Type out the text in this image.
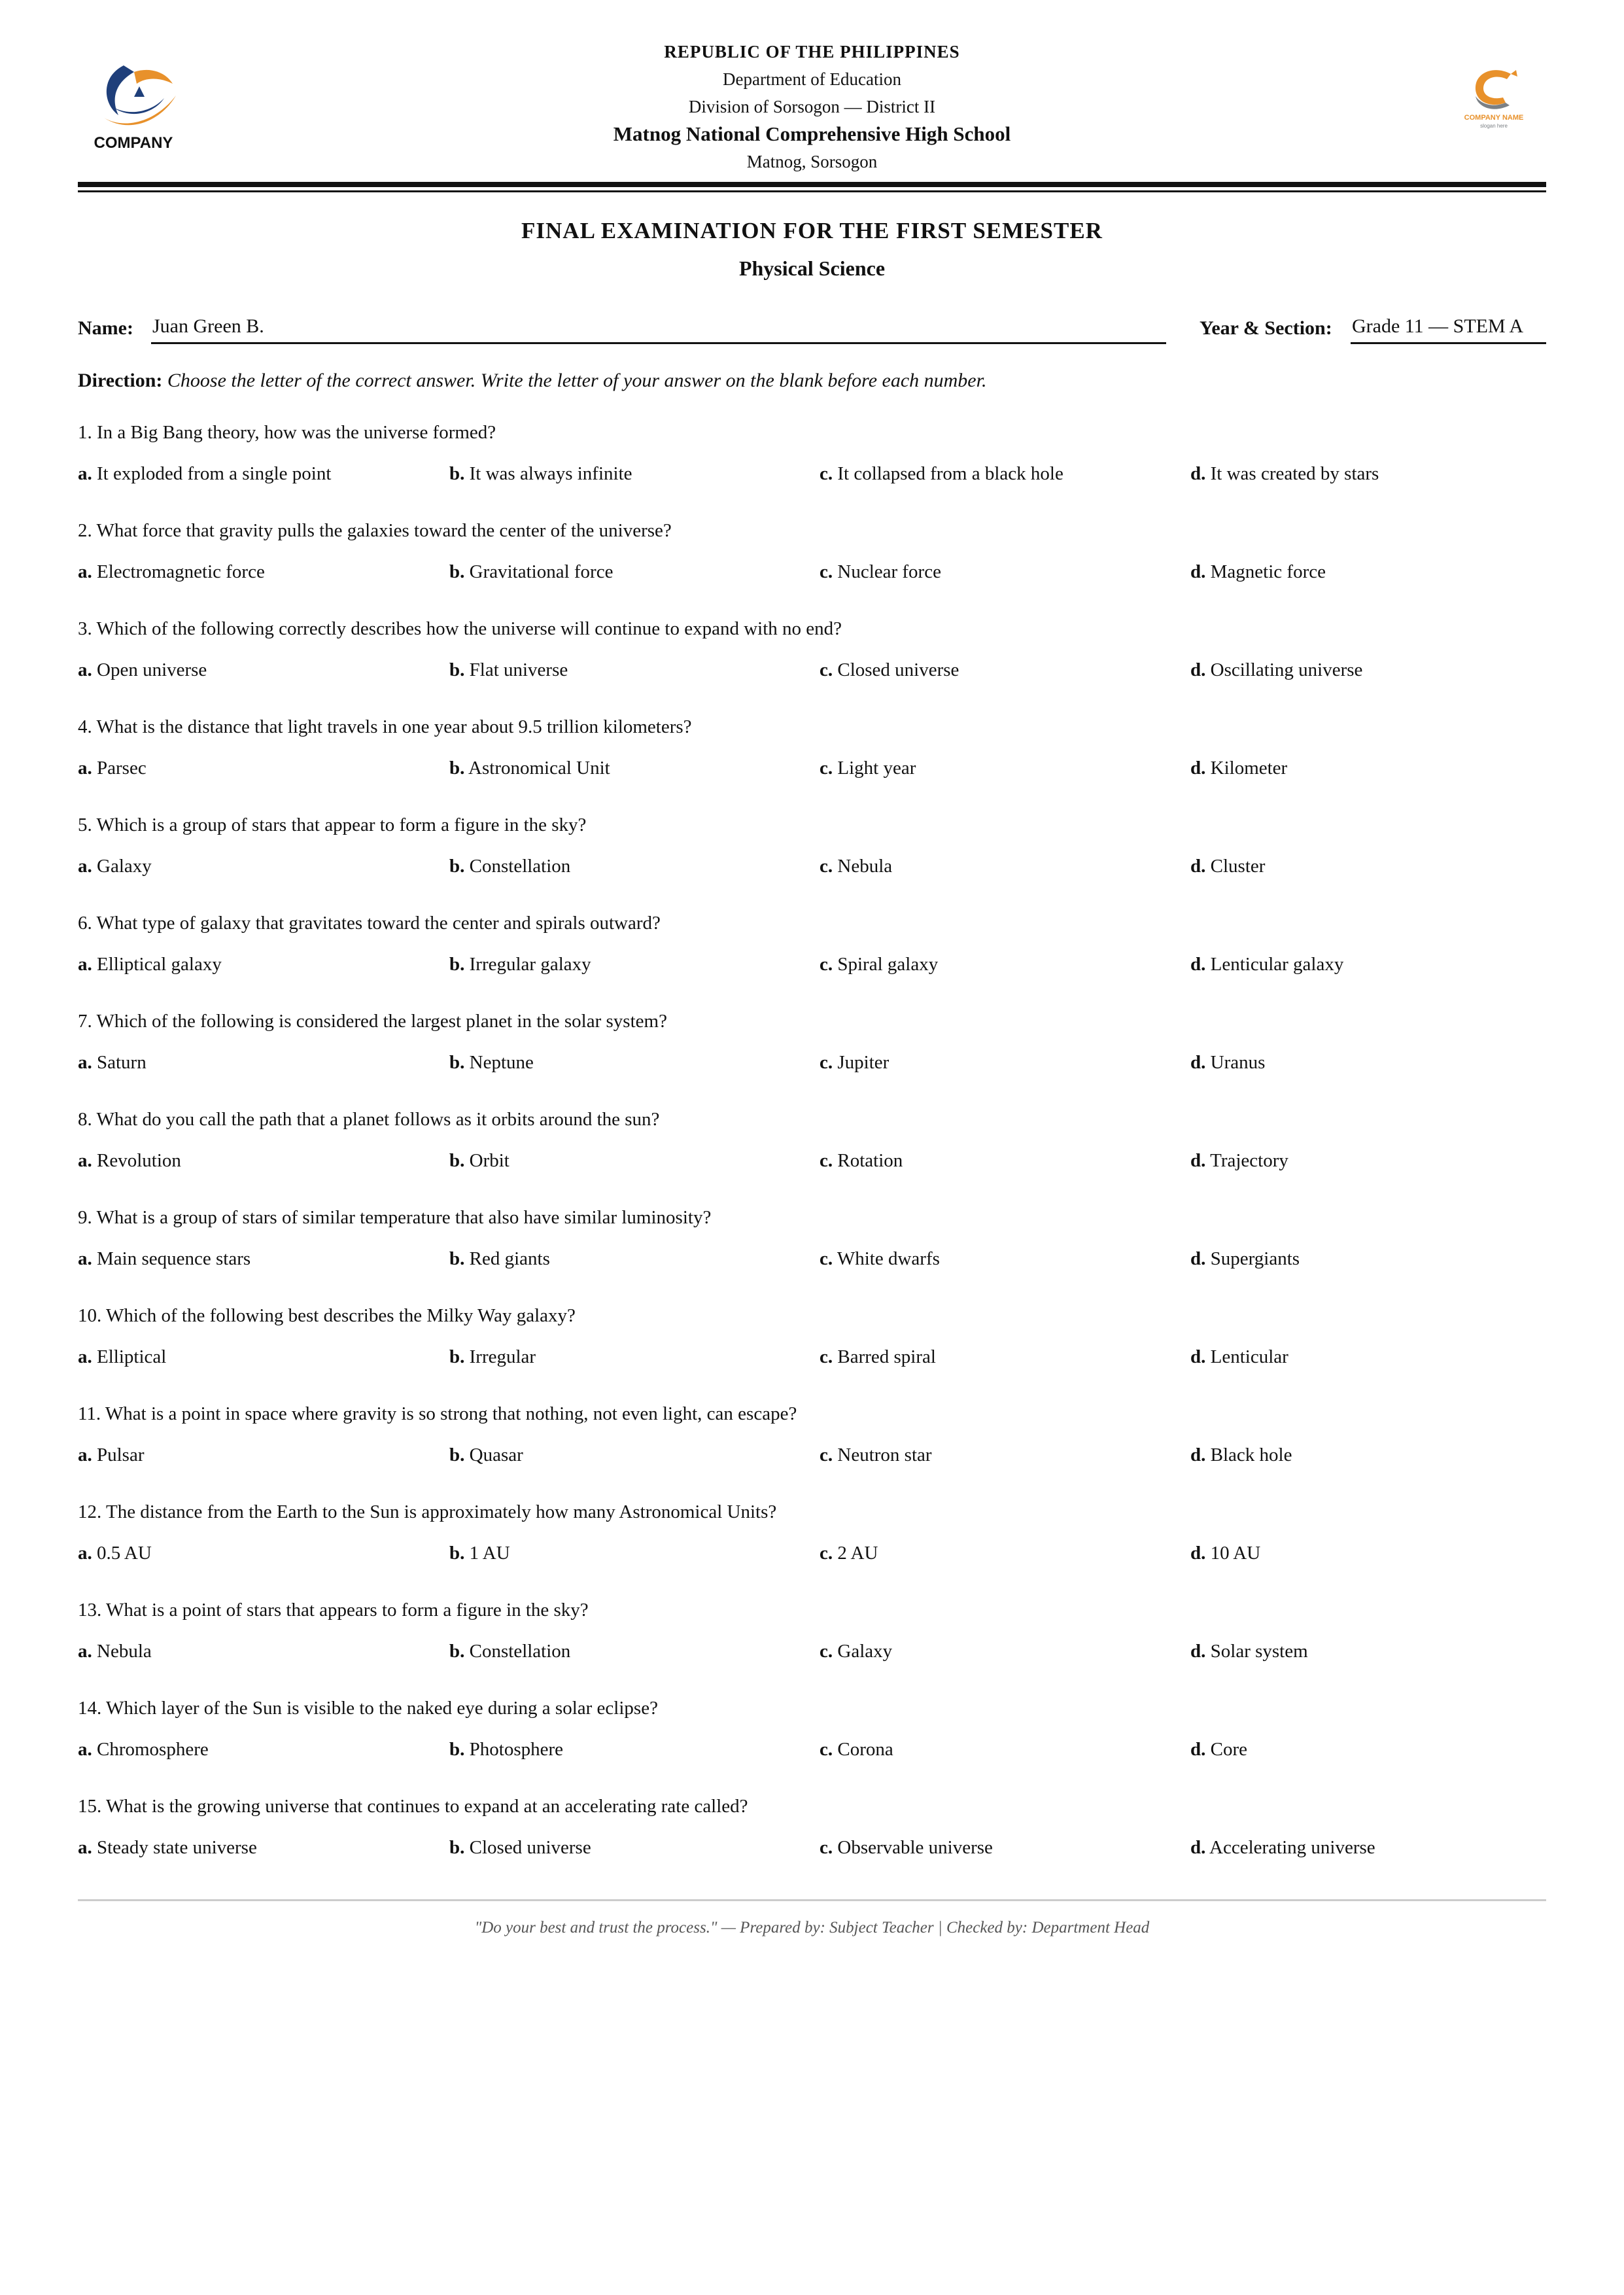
COMPANY
REPUBLIC OF THE PHILIPPINES
Department of Education
Division of Sorsogon — District II
Matnog National Comprehensive High School
Matnog, Sorsogon
COMPANY NAME
slogan here
FINAL EXAMINATION FOR THE FIRST SEMESTER
Physical Science
Name: Juan Green B.	Year & Section: Grade 11 — STEM A
Direction: Choose the letter of the correct answer. Write the letter of your answer on the blank before each number.
1. In a Big Bang theory, how was the universe formed?
a. It exploded from a single point	b. It was always infinite	c. It collapsed from a black hole	d. It was created by stars
2. What force that gravity pulls the galaxies toward the center of the universe?
a. Electromagnetic force	b. Gravitational force	c. Nuclear force	d. Magnetic force
3. Which of the following correctly describes how the universe will continue to expand with no end?
a. Open universe	b. Flat universe	c. Closed universe	d. Oscillating universe
4. What is the distance that light travels in one year about 9.5 trillion kilometers?
a. Parsec	b. Astronomical Unit	c. Light year	d. Kilometer
5. Which is a group of stars that appear to form a figure in the sky?
a. Galaxy	b. Constellation	c. Nebula	d. Cluster
6. What type of galaxy that gravitates toward the center and spirals outward?
a. Elliptical galaxy	b. Irregular galaxy	c. Spiral galaxy	d. Lenticular galaxy
7. Which of the following is considered the largest planet in the solar system?
a. Saturn	b. Neptune	c. Jupiter	d. Uranus
8. What do you call the path that a planet follows as it orbits around the sun?
a. Revolution	b. Orbit	c. Rotation	d. Trajectory
9. What is a group of stars of similar temperature that also have similar luminosity?
a. Main sequence stars	b. Red giants	c. White dwarfs	d. Supergiants
10. Which of the following best describes the Milky Way galaxy?
a. Elliptical	b. Irregular	c. Barred spiral	d. Lenticular
11. What is a point in space where gravity is so strong that nothing, not even light, can escape?
a. Pulsar	b. Quasar	c. Neutron star	d. Black hole
12. The distance from the Earth to the Sun is approximately how many Astronomical Units?
a. 0.5 AU	b. 1 AU	c. 2 AU	d. 10 AU
13. What is a point of stars that appears to form a figure in the sky?
a. Nebula	b. Constellation	c. Galaxy	d. Solar system
14. Which layer of the Sun is visible to the naked eye during a solar eclipse?
a. Chromosphere	b. Photosphere	c. Corona	d. Core
15. What is the growing universe that continues to expand at an accelerating rate called?
a. Steady state universe	b. Closed universe	c. Observable universe	d. Accelerating universe
"Do your best and trust the process." — Prepared by: Subject Teacher | Checked by: Department Head
